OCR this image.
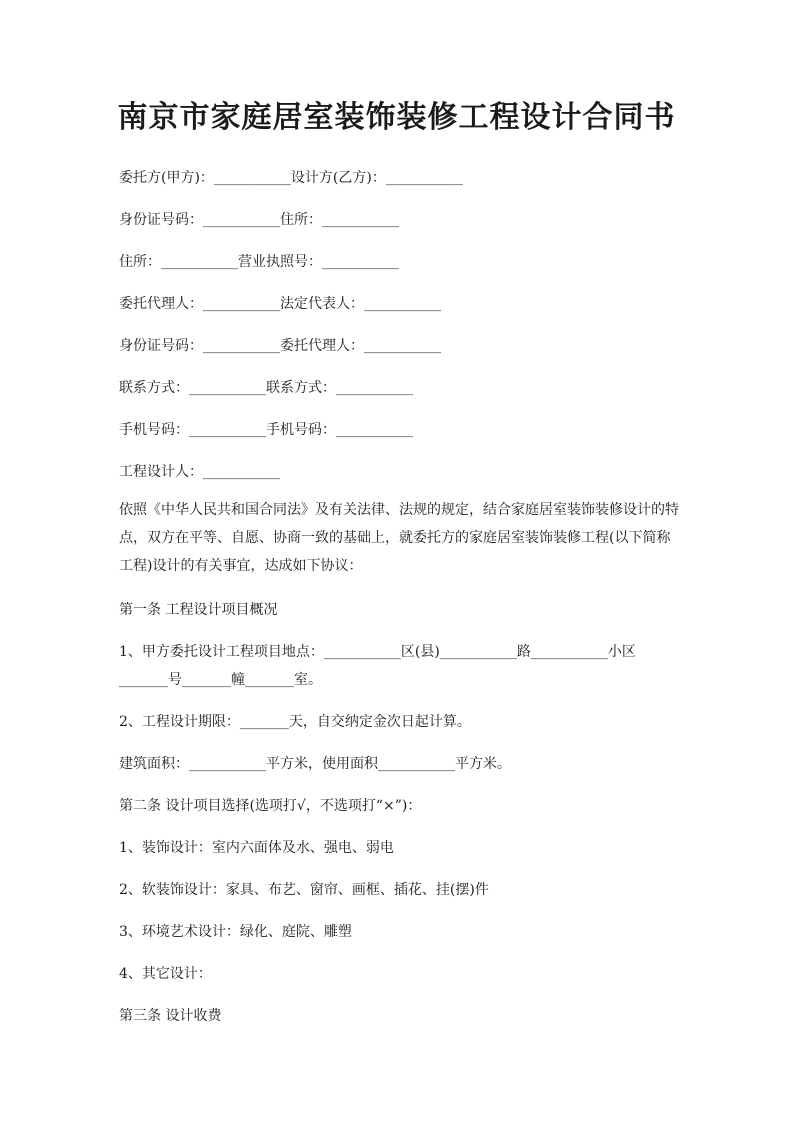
南京市家庭居室装饰装修工程设计合同书
委托方(甲方)：___________设计方(乙方)：___________
身份证号码：___________住所：___________
住所：___________营业执照号：___________
委托代理人：___________法定代表人：___________
身份证号码：___________委托代理人：___________
联系方式：___________联系方式：___________
手机号码：___________手机号码：___________
工程设计人：___________
依照《中华人民共和国合同法》及有关法律、法规的规定，结合家庭居室装饰装修设计的特点，双方在平等、自愿、协商一致的基础上，就委托方的家庭居室装饰装修工程(以下简称工程)设计的有关事宜，达成如下协议：
第一条 工程设计项目概况
1、甲方委托设计工程项目地点：___________区(县)___________路___________小区_______号_______幢_______室。
2、工程设计期限：_______天，自交纳定金次日起计算。
建筑面积：___________平方米，使用面积___________平方米。
第二条 设计项目选择(选项打√，不选项打“×”)：
1、装饰设计：室内六面体及水、强电、弱电
2、软装饰设计：家具、布艺、窗帘、画框、插花、挂(摆)件
3、环境艺术设计：绿化、庭院、雕塑
4、其它设计：
第三条 设计收费
